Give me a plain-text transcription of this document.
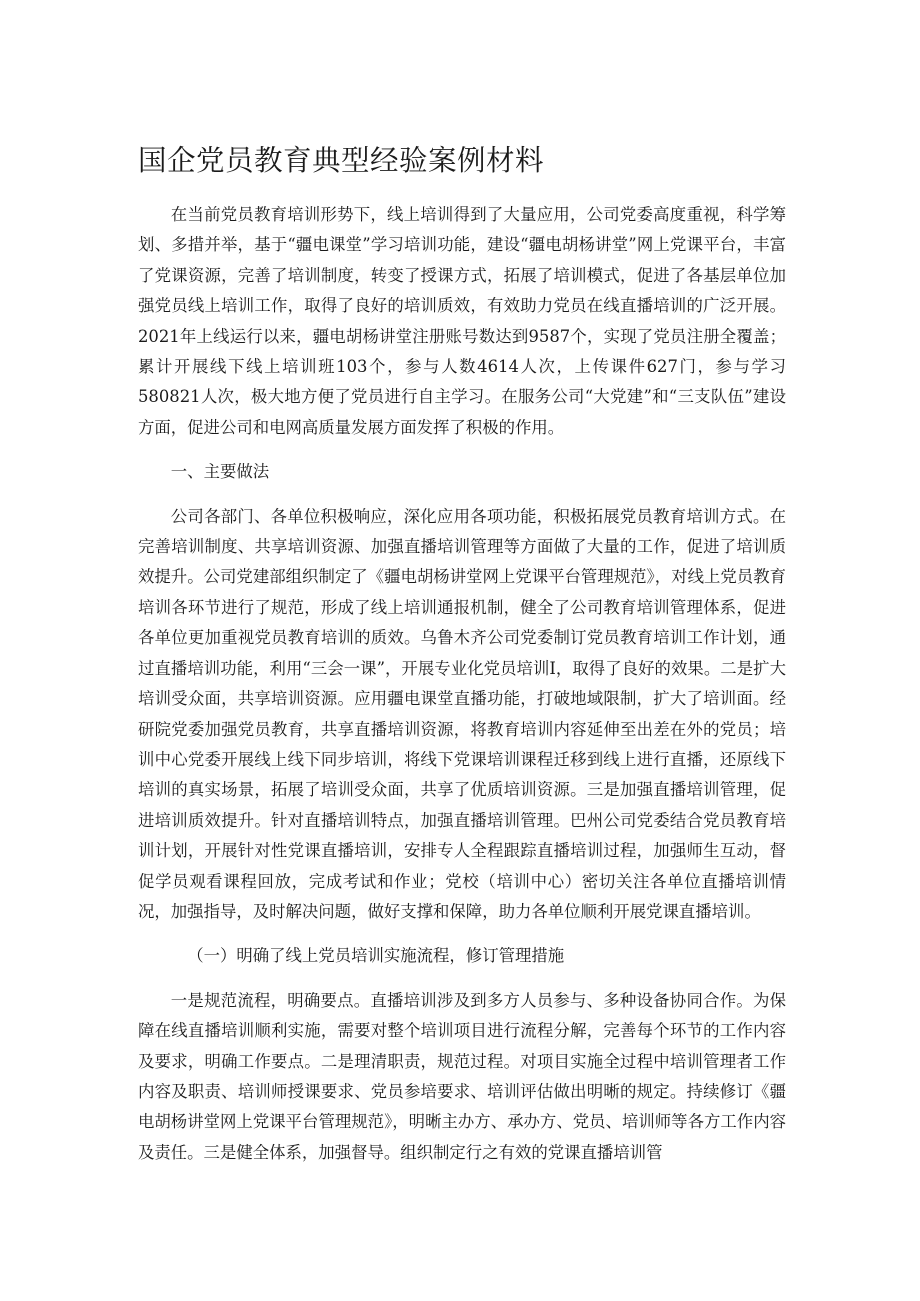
国企党员教育典型经验案例材料

在当前党员教育培训形势下，线上培训得到了大量应用，公司党委高度重视，科学筹划、多措并举，基于“疆电课堂”学习培训功能，建设“疆电胡杨讲堂”网上党课平台，丰富了党课资源，完善了培训制度，转变了授课方式，拓展了培训模式，促进了各基层单位加强党员线上培训工作，取得了良好的培训质效，有效助力党员在线直播培训的广泛开展。2021年上线运行以来，疆电胡杨讲堂注册账号数达到9587个，实现了党员注册全覆盖；累计开展线下线上培训班103个，参与人数4614人次，上传课件627门，参与学习580821人次，极大地方便了党员进行自主学习。在服务公司“大党建”和“三支队伍”建设方面，促进公司和电网高质量发展方面发挥了积极的作用。

一、主要做法

公司各部门、各单位积极响应，深化应用各项功能，积极拓展党员教育培训方式。在完善培训制度、共享培训资源、加强直播培训管理等方面做了大量的工作，促进了培训质效提升。公司党建部组织制定了《疆电胡杨讲堂网上党课平台管理规范》，对线上党员教育培训各环节进行了规范，形成了线上培训通报机制，健全了公司教育培训管理体系，促进各单位更加重视党员教育培训的质效。乌鲁木齐公司党委制订党员教育培训工作计划，通过直播培训功能，利用“三会一课”，开展专业化党员培训Ⅰ，取得了良好的效果。二是扩大培训受众面，共享培训资源。应用疆电课堂直播功能，打破地域限制，扩大了培训面。经研院党委加强党员教育，共享直播培训资源，将教育培训内容延伸至出差在外的党员；培训中心党委开展线上线下同步培训，将线下党课培训课程迁移到线上进行直播，还原线下培训的真实场景，拓展了培训受众面，共享了优质培训资源。三是加强直播培训管理，促进培训质效提升。针对直播培训特点，加强直播培训管理。巴州公司党委结合党员教育培训计划，开展针对性党课直播培训，安排专人全程跟踪直播培训过程，加强师生互动，督促学员观看课程回放，完成考试和作业；党校（培训中心）密切关注各单位直播培训情况，加强指导，及时解决问题，做好支撑和保障，助力各单位顺利开展党课直播培训。

（一）明确了线上党员培训实施流程，修订管理措施

一是规范流程，明确要点。直播培训涉及到多方人员参与、多种设备协同合作。为保障在线直播培训顺利实施，需要对整个培训项目进行流程分解，完善每个环节的工作内容及要求，明确工作要点。二是理清职责，规范过程。对项目实施全过程中培训管理者工作内容及职责、培训师授课要求、党员参培要求、培训评估做出明晰的规定。持续修订《疆电胡杨讲堂网上党课平台管理规范》，明晰主办方、承办方、党员、培训师等各方工作内容及责任。三是健全体系，加强督导。组织制定行之有效的党课直播培训管
